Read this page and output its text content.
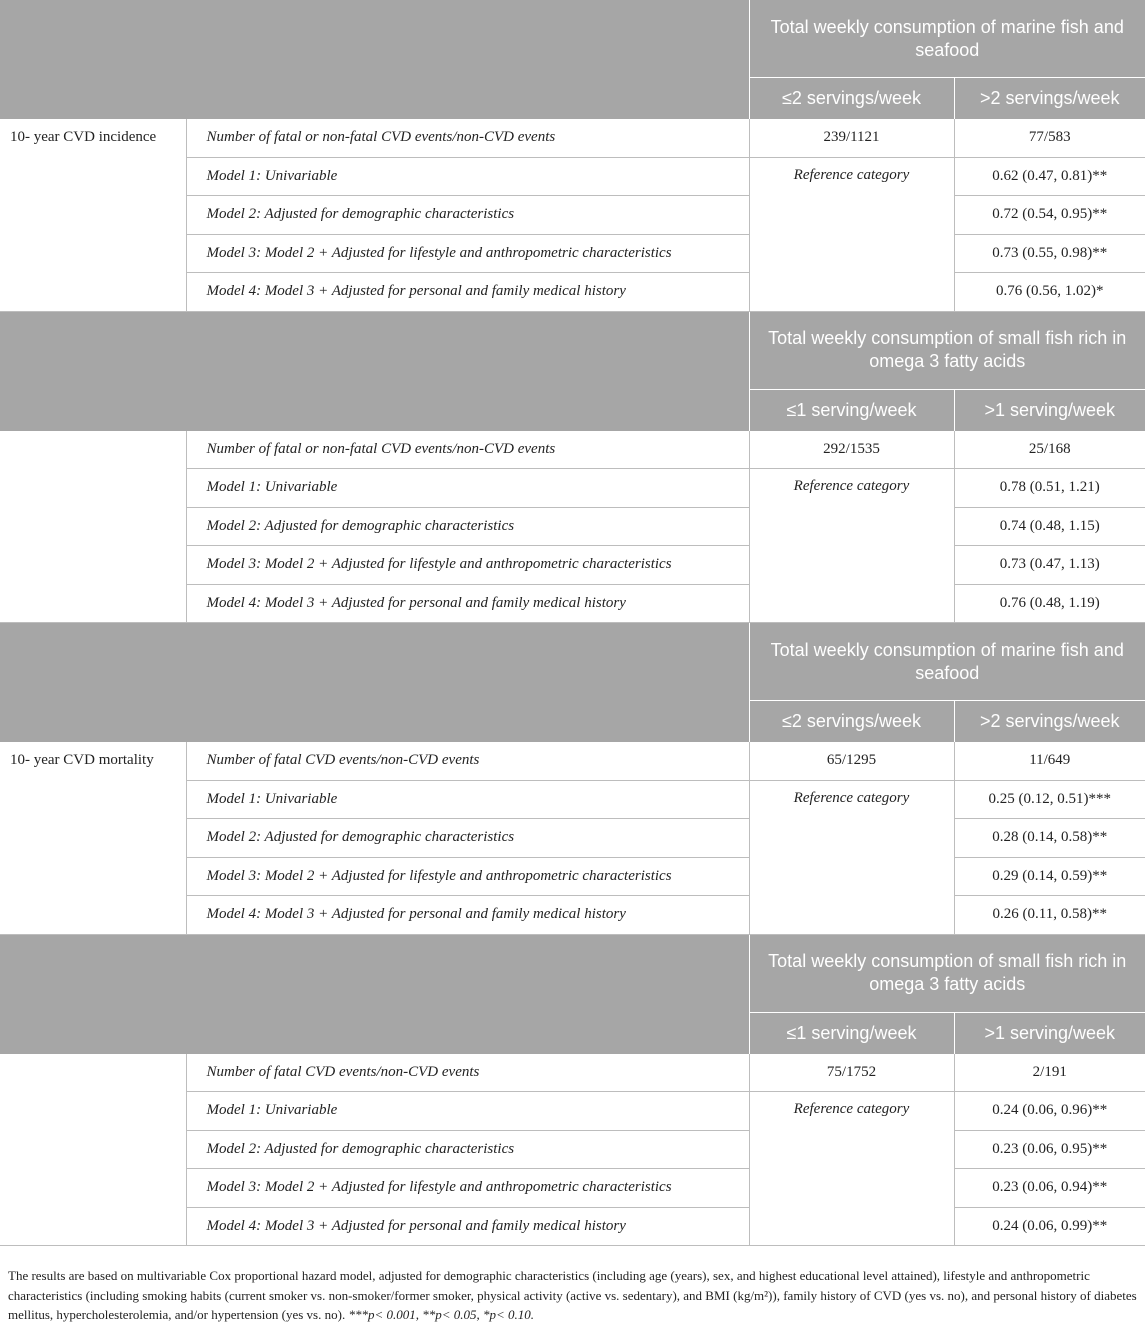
		Total weekly consumption of marine fish and seafood	
		≤2 servings/week	>2 servings/week
10- year CVD incidence	Number of fatal or non-fatal CVD events/non-CVD events	239/1121	77/583
	Model 1: Univariable	Reference category	0.62 (0.47, 0.81)**
	Model 2: Adjusted for demographic characteristics		0.72 (0.54, 0.95)**
	Model 3: Model 2 + Adjusted for lifestyle and anthropometric characteristics		0.73 (0.55, 0.98)**
	Model 4: Model 3 + Adjusted for personal and family medical history		0.76 (0.56, 1.02)*
		Total weekly consumption of small fish rich in omega 3 fatty acids	
		≤1 serving/week	>1 serving/week
	Number of fatal or non-fatal CVD events/non-CVD events	292/1535	25/168
	Model 1: Univariable	Reference category	0.78 (0.51, 1.21)
	Model 2: Adjusted for demographic characteristics		0.74 (0.48, 1.15)
	Model 3: Model 2 + Adjusted for lifestyle and anthropometric characteristics		0.73 (0.47, 1.13)
	Model 4: Model 3 + Adjusted for personal and family medical history		0.76 (0.48, 1.19)
		Total weekly consumption of marine fish and seafood	
		≤2 servings/week	>2 servings/week
10- year CVD mortality	Number of fatal CVD events/non-CVD events	65/1295	11/649
	Model 1: Univariable	Reference category	0.25 (0.12, 0.51)***
	Model 2: Adjusted for demographic characteristics		0.28 (0.14, 0.58)**
	Model 3: Model 2 + Adjusted for lifestyle and anthropometric characteristics		0.29 (0.14, 0.59)**
	Model 4: Model 3 + Adjusted for personal and family medical history		0.26 (0.11, 0.58)**
		Total weekly consumption of small fish rich in omega 3 fatty acids	
		≤1 serving/week	>1 serving/week
	Number of fatal CVD events/non-CVD events	75/1752	2/191
	Model 1: Univariable	Reference category	0.24 (0.06, 0.96)**
	Model 2: Adjusted for demographic characteristics		0.23 (0.06, 0.95)**
	Model 3: Model 2 + Adjusted for lifestyle and anthropometric characteristics		0.23 (0.06, 0.94)**
	Model 4: Model 3 + Adjusted for personal and family medical history		0.24 (0.06, 0.99)**
The results are based on multivariable Cox proportional hazard model, adjusted for demographic characteristics (including age (years), sex, and highest educational level attained), lifestyle and anthropometric characteristics (including smoking habits (current smoker vs. non-smoker/former smoker, physical activity (active vs. sedentary), and BMI (kg/m²)), family history of CVD (yes vs. no), and personal history of diabetes mellitus, hypercholesterolemia, and/or hypertension (yes vs. no). ***p< 0.001, **p< 0.05, *p< 0.10.
